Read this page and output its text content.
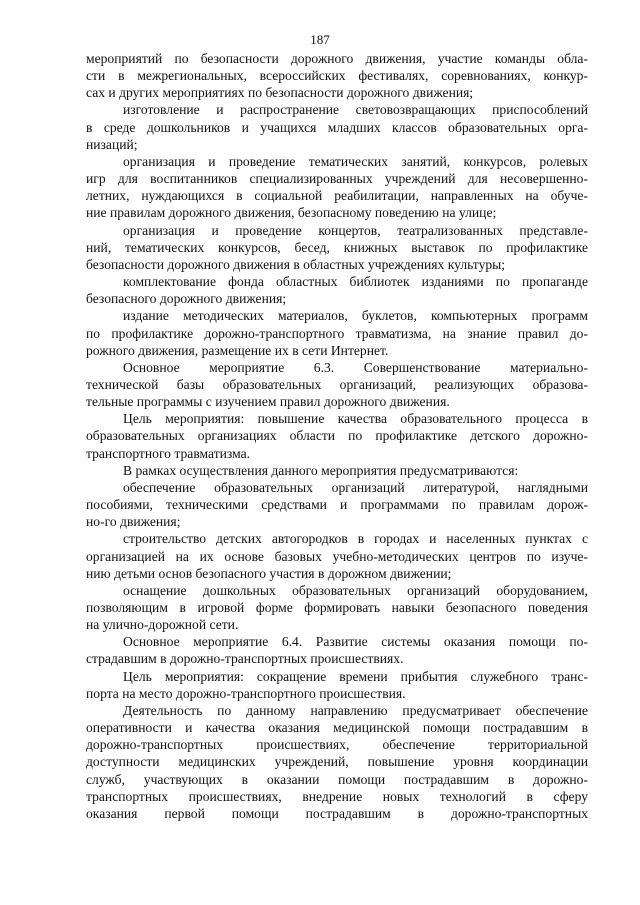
187
мероприятий по безопасности дорожного движения, участие команды обла-
сти в межрегиональных, всероссийских фестивалях, соревнованиях, конкур-
сах и других мероприятиях по безопасности дорожного движения;
изготовление и распространение световозвращающих приспособлений
в среде дошкольников и учащихся младших классов образовательных орга-
низаций;
организация и проведение тематических занятий, конкурсов, ролевых
игр для воспитанников специализированных учреждений для несовершенно-
летних, нуждающихся в социальной реабилитации, направленных на обуче-
ние правилам дорожного движения, безопасному поведению на улице;
организация и проведение концертов, театрализованных представле-
ний, тематических конкурсов, бесед, книжных выставок по профилактике
безопасности дорожного движения в областных учреждениях культуры;
комплектование фонда областных библиотек изданиями по пропаганде
безопасного дорожного движения;
издание методических материалов, буклетов, компьютерных программ
по профилактике дорожно-транспортного травматизма, на знание правил до-
рожного движения, размещение их в сети Интернет.
Основное мероприятие 6.3. Совершенствование материально-
технической базы образовательных организаций, реализующих образова-
тельные программы с изучением правил дорожного движения.
Цель мероприятия: повышение качества образовательного процесса в
образовательных организациях области по профилактике детского дорожно-
транспортного травматизма.
В рамках осуществления данного мероприятия предусматриваются:
обеспечение образовательных организаций литературой, наглядными
пособиями, техническими средствами и программами по правилам дорож-
но-го движения;
строительство детских автогородков в городах и населенных пунктах с
организацией на их основе базовых учебно-методических центров по изуче-
нию детьми основ безопасного участия в дорожном движении;
оснащение дошкольных образовательных организаций оборудованием,
позволяющим в игровой форме формировать навыки безопасного поведения
на улично-дорожной сети.
Основное мероприятие 6.4. Развитие системы оказания помощи по-
страдавшим в дорожно-транспортных происшествиях.
Цель мероприятия: сокращение времени прибытия служебного транс-
порта на место дорожно-транспортного происшествия.
Деятельность по данному направлению предусматривает обеспечение
оперативности и качества оказания медицинской помощи пострадавшим в
дорожно-транспортных происшествиях, обеспечение территориальной
доступности медицинских учреждений, повышение уровня координации
служб, участвующих в оказании помощи пострадавшим в дорожно-
транспортных происшествиях, внедрение новых технологий в сферу
оказания первой помощи пострадавшим в дорожно-транспортных
